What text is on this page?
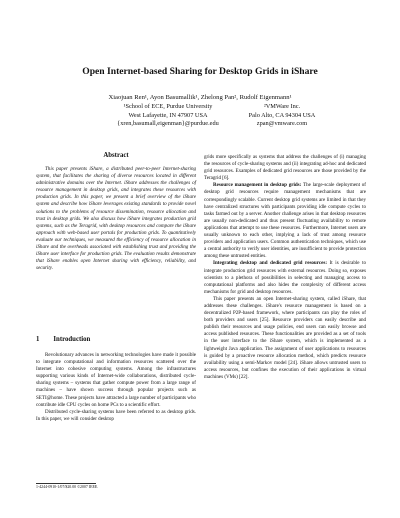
Open Internet-based Sharing for Desktop Grids in iShare
Xiaojuan Ren¹, Ayon Basumallik¹, Zhelong Pan², Rudolf Eigenmann¹
¹School of ECE, Purdue University
West Lafayette, IN 47907 USA
{xren,basumall,eigenman}@purdue.edu
²VMWare Inc.
Palo Alto, CA 94304 USA
zpan@vmware.com
Abstract

This paper presents iShare, a distributed peer-to-peer Internet-sharing system, that facilitates the sharing of diverse resources located in different administrative domains over the Internet. iShare addresses the challenges of resource management in desktop grids, and integrates these resources with production grids. In this paper, we present a brief overview of the iShare system and describe how iShare leverages existing standards to provide novel solutions to the problems of resource dissemination, resource allocation and trust in desktop grids. We also discuss how iShare integrates production grid systems, such as the Teragrid, with desktop resources and compare the iShare approach with web-based user portals for production grids. To quantitatively evaluate our techniques, we measured the efficiency of resource allocation in iShare and the overheads associated with establishing trust and providing the iShare user interface for production grids. The evaluation results demonstrate that iShare enables open Internet sharing with efficiency, reliability, and security.

1 Introduction

Revolutionary advances in networking technologies have made it possible to integrate computational and information resources scattered over the Internet into cohesive computing systems. Among the infrastructures supporting various kinds of Internet-wide collaborations, distributed cycle-sharing systems – systems that gather compute power from a large range of machines – have shown success through popular projects such as SETI@home. These projects have attracted a large number of participants who contribute idle CPU cycles on home PCs to a scientific effort.

Distributed cycle-sharing systems have been referred to as desktop grids. In this paper, we will consider desktop

grids more specifically as systems that address the challenges of (i) managing the resources of cycle-sharing systems and (ii) integrating ad-hoc and dedicated grid resources. Examples of dedicated grid resources are those provided by the Teragrid [6].

Resource management in desktop grids: The large-scale deployment of desktop grid resources require management mechanisms that are correspondingly scalable. Current desktop grid systems are limited in that they have centralized structures with participants providing idle compute cycles to tasks farmed out by a server. Another challenge arises in that desktop resources are usually non-dedicated and thus present fluctuating availability to remote applications that attempt to use these resources. Furthermore, Internet users are usually unknown to each other, implying a lack of trust among resource providers and application users. Common authentication techniques, which use a central authority to verify user identities, are insufficient to provide protection among these untrusted entities.

Integrating desktop and dedicated grid resources: It is desirable to integrate production grid resources with external resources. Doing so, exposes scientists to a plethora of possibilities in selecting and managing access to computational platforms and also hides the complexity of different access mechanisms for grid and desktop resources.

This paper presents an open Internet-sharing system, called iShare, that addresses these challenges. iShare's resource management is based on a decentralized P2P-based framework, where participants can play the roles of both providers and users [25]. Resource providers can easily describe and publish their resources and usage policies, end users can easily browse and access published resources. These functionalities are provided as a set of tools in the user interface to the iShare system, which is implemented as a lightweight Java application. The assignment of user applications to resources is guided by a proactive resource allocation method, which predicts resource availability using a semi-Markov model [24]. iShare allows untrusted users to access resources, but confines the execution of their applications in virtual machines (VMs) [22].

1-4244-0910-1/07/$20.00 ©2007 IEEE.
